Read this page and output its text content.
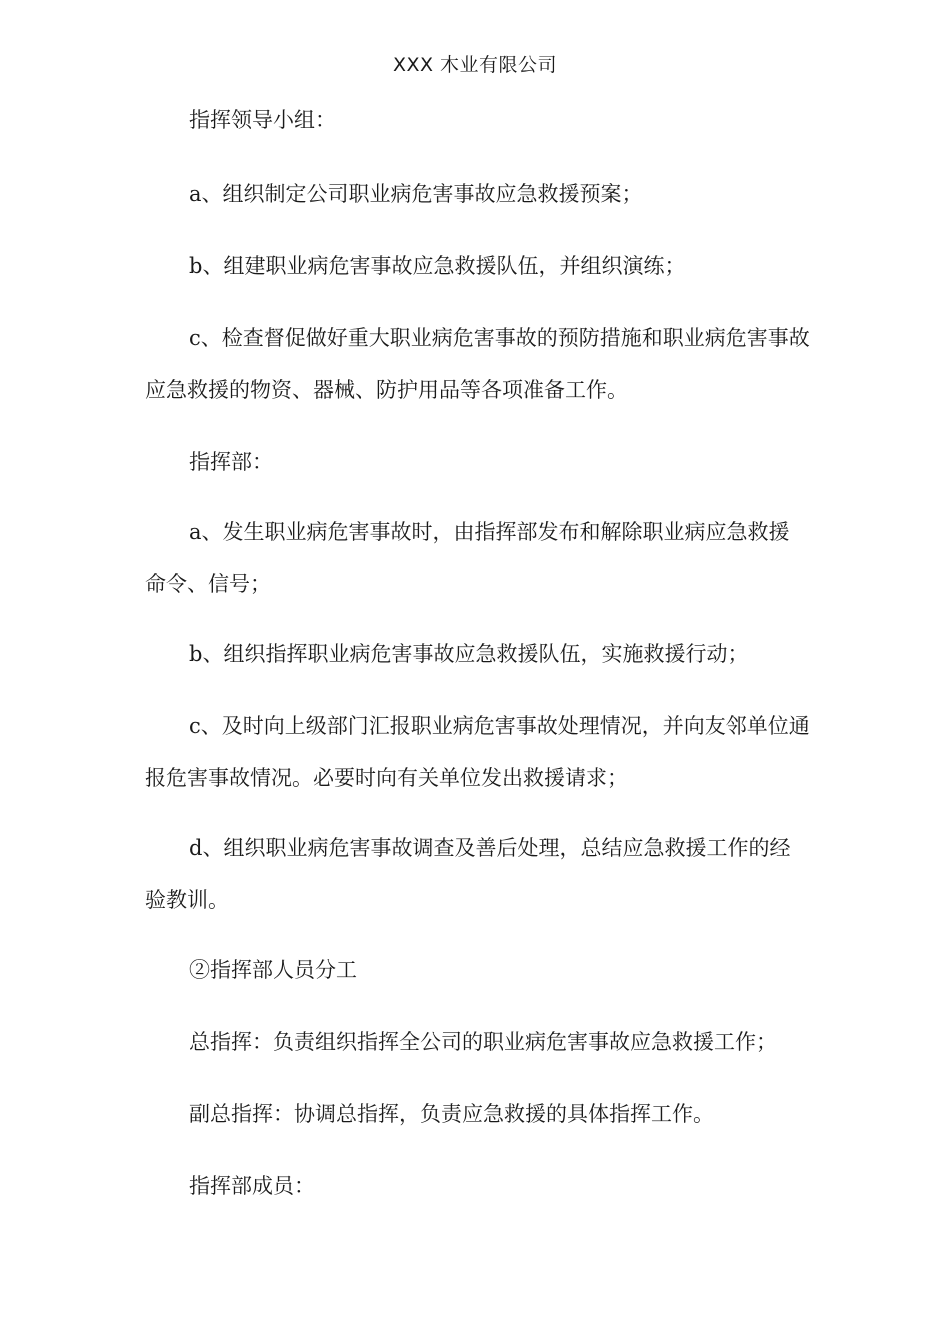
XXX 木业有限公司

指挥领导小组：

a、组织制定公司职业病危害事故应急救援预案；

b、组建职业病危害事故应急救援队伍，并组织演练；

c、检查督促做好重大职业病危害事故的预防措施和职业病危害事故应急救援的物资、器械、防护用品等各项准备工作。

指挥部：

a、发生职业病危害事故时，由指挥部发布和解除职业病应急救援命令、信号；

b、组织指挥职业病危害事故应急救援队伍，实施救援行动；

c、及时向上级部门汇报职业病危害事故处理情况，并向友邻单位通报危害事故情况。必要时向有关单位发出救援请求；

d、组织职业病危害事故调查及善后处理，总结应急救援工作的经验教训。

②指挥部人员分工

总指挥：负责组织指挥全公司的职业病危害事故应急救援工作；

副总指挥：协调总指挥，负责应急救援的具体指挥工作。

指挥部成员：
